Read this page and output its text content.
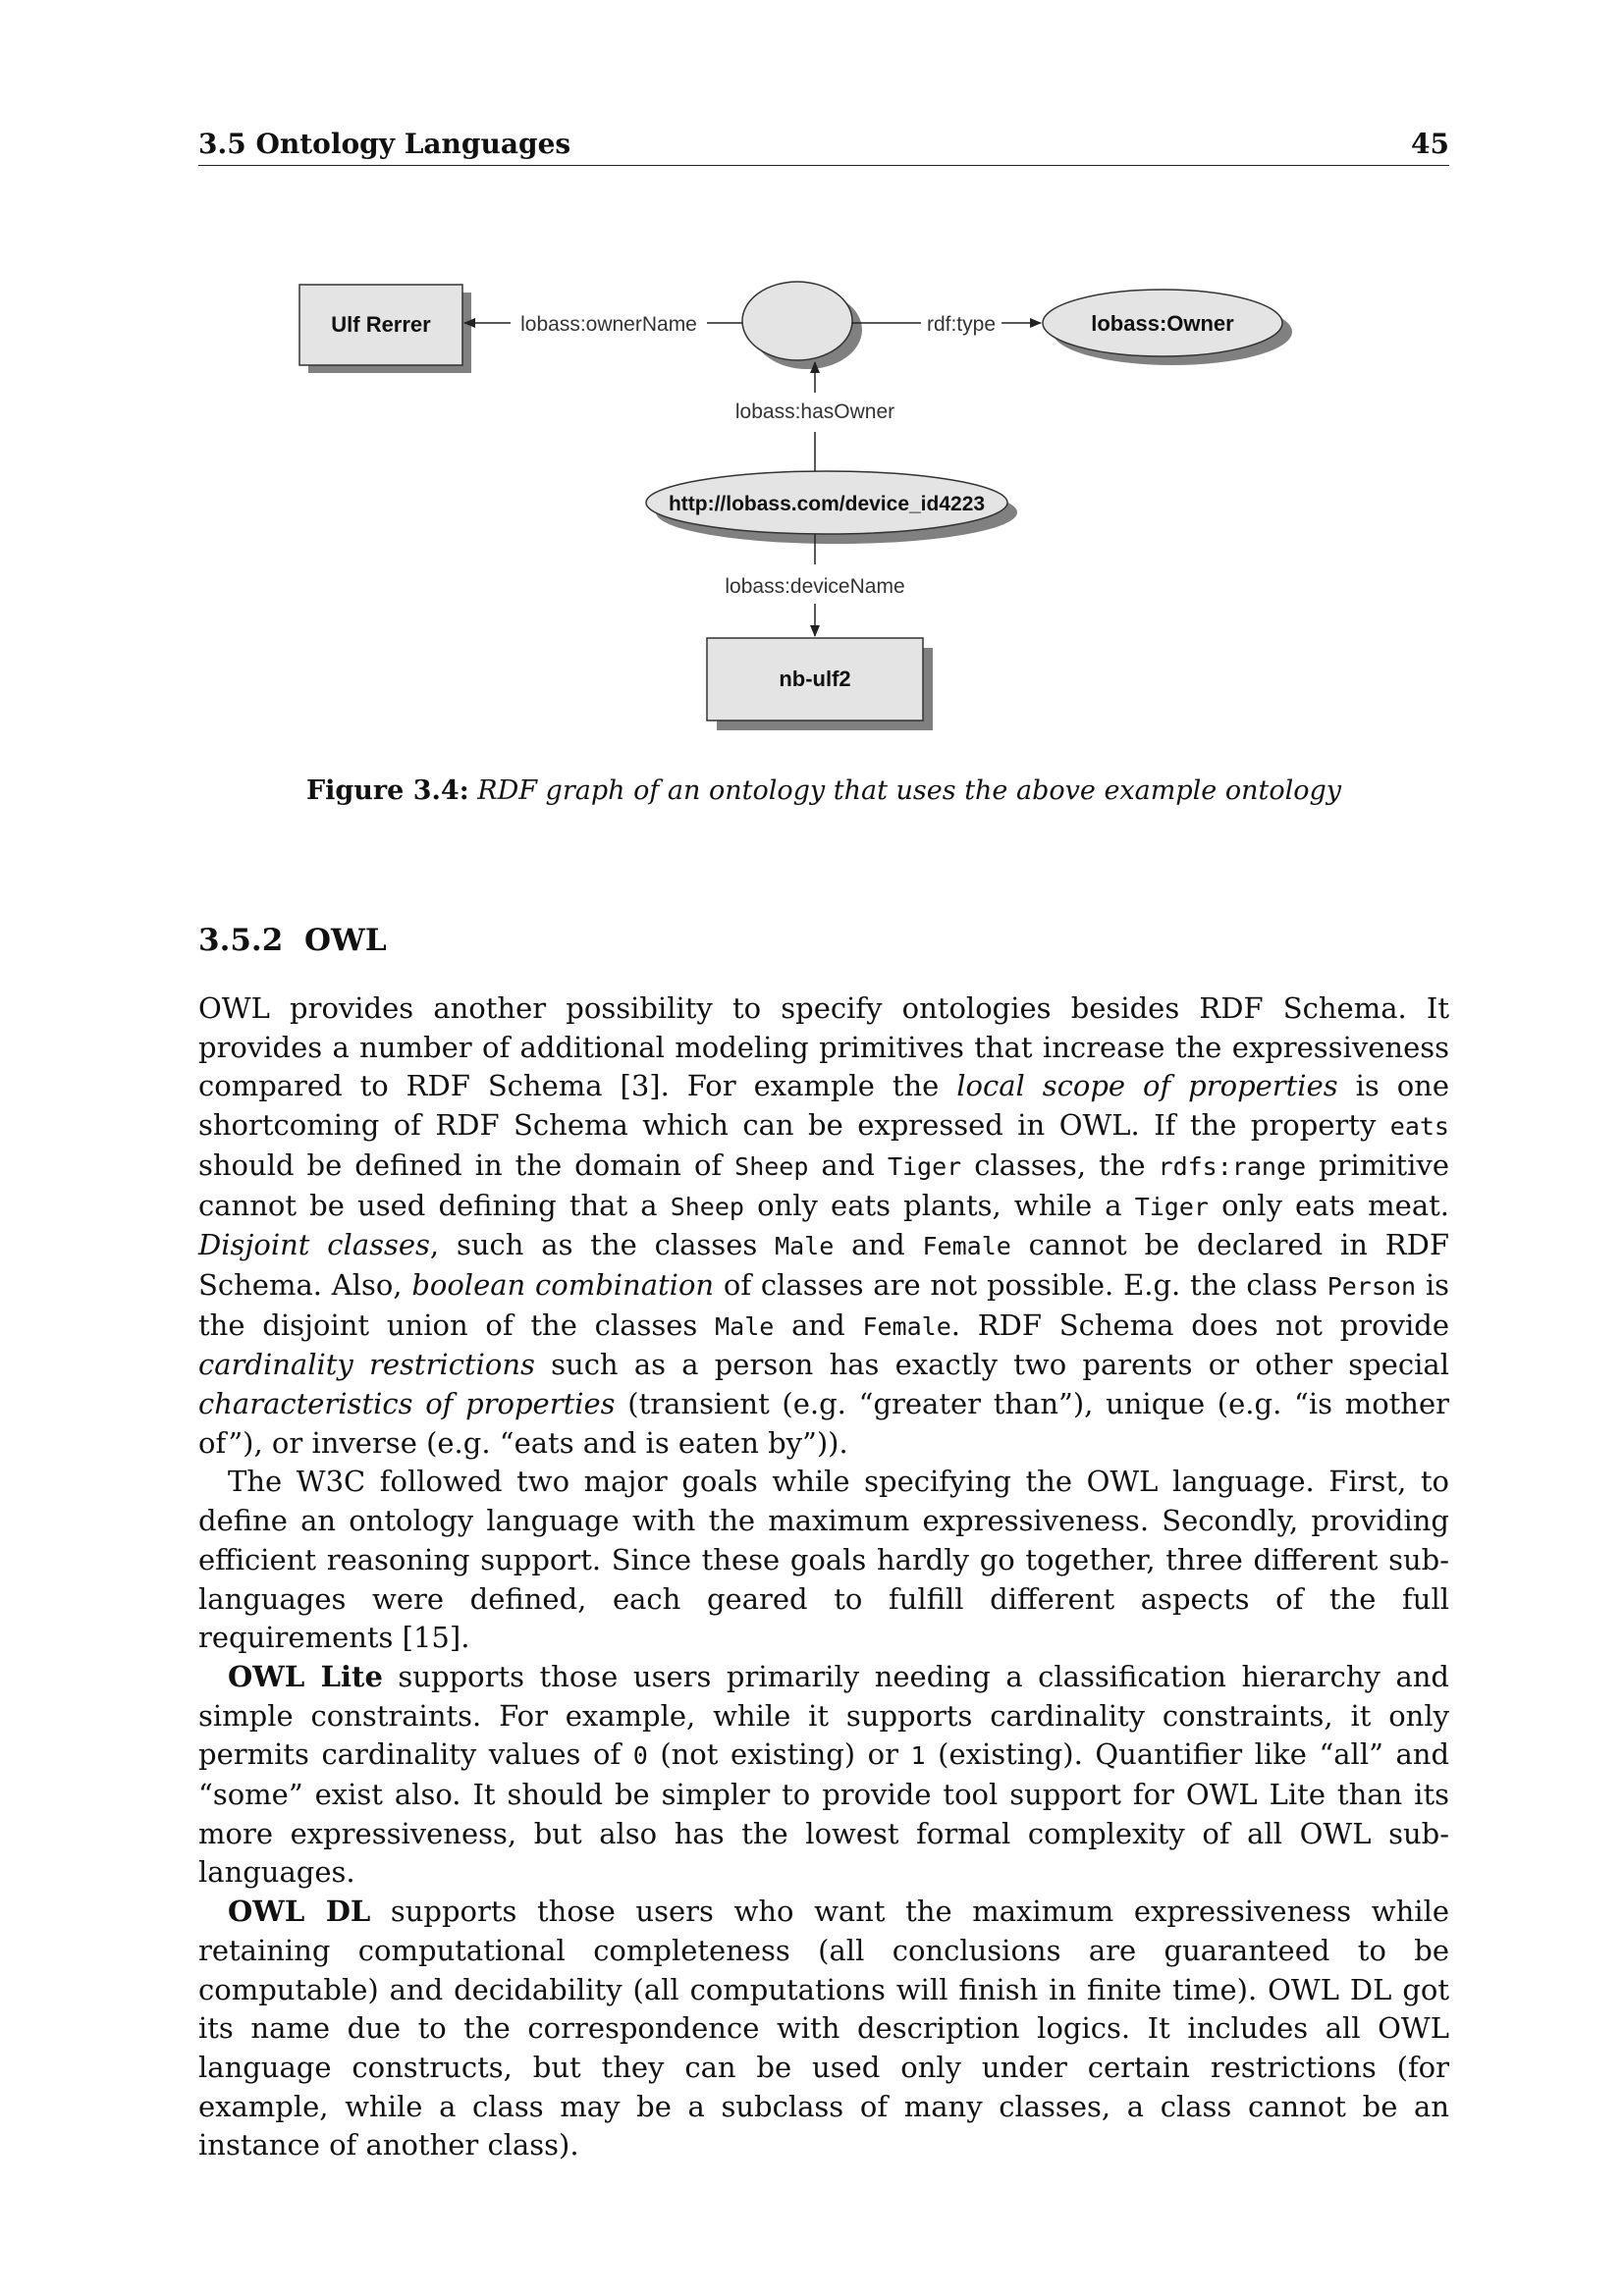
3.5 Ontology Languages	45
Ulf Rerrer	lobass:Owner
http://lobass.com/device_id4223
nb-ulf2
lobass:ownerName	rdf:type
lobass:hasOwner
lobass:deviceName
Figure 3.4: RDF graph of an ontology that uses the above example ontology
3.5.2 OWL

OWL provides another possibility to specify ontologies besides RDF Schema. It provides a number of additional modeling primitives that increase the expressiveness compared to RDF Schema [3]. For example the local scope of properties is one shortcoming of RDF Schema which can be expressed in OWL. If the property eats should be defined in the domain of Sheep and Tiger classes, the rdfs:range primitive cannot be used defining that a Sheep only eats plants, while a Tiger only eats meat. Disjoint classes, such as the classes Male and Female cannot be declared in RDF Schema. Also, boolean combination of classes are not possible. E.g. the class Person is the disjoint union of the classes Male and Female. RDF Schema does not provide cardinality restrictions such as a person has exactly two parents or other special characteristics of properties (transient (e.g. “greater than”), unique (e.g. “is mother of”), or inverse (e.g. “eats and is eaten by”)).

The W3C followed two major goals while specifying the OWL language. First, to define an ontology language with the maximum expressiveness. Secondly, providing efficient reasoning support. Since these goals hardly go together, three different sub-languages were defined, each geared to fulfill different aspects of the full requirements [15].

OWL Lite supports those users primarily needing a classification hierarchy and simple constraints. For example, while it supports cardinality constraints, it only permits cardinality values of 0 (not existing) or 1 (existing). Quantifier like “all” and “some” exist also. It should be simpler to provide tool support for OWL Lite than its more expressiveness, but also has the lowest formal complexity of all OWL sub-languages.

OWL DL supports those users who want the maximum expressiveness while retaining computational completeness (all conclusions are guaranteed to be computable) and decidability (all computations will finish in finite time). OWL DL got its name due to the correspondence with description logics. It includes all OWL language constructs, but they can be used only under certain restrictions (for example, while a class may be a subclass of many classes, a class cannot be an instance of another class).
